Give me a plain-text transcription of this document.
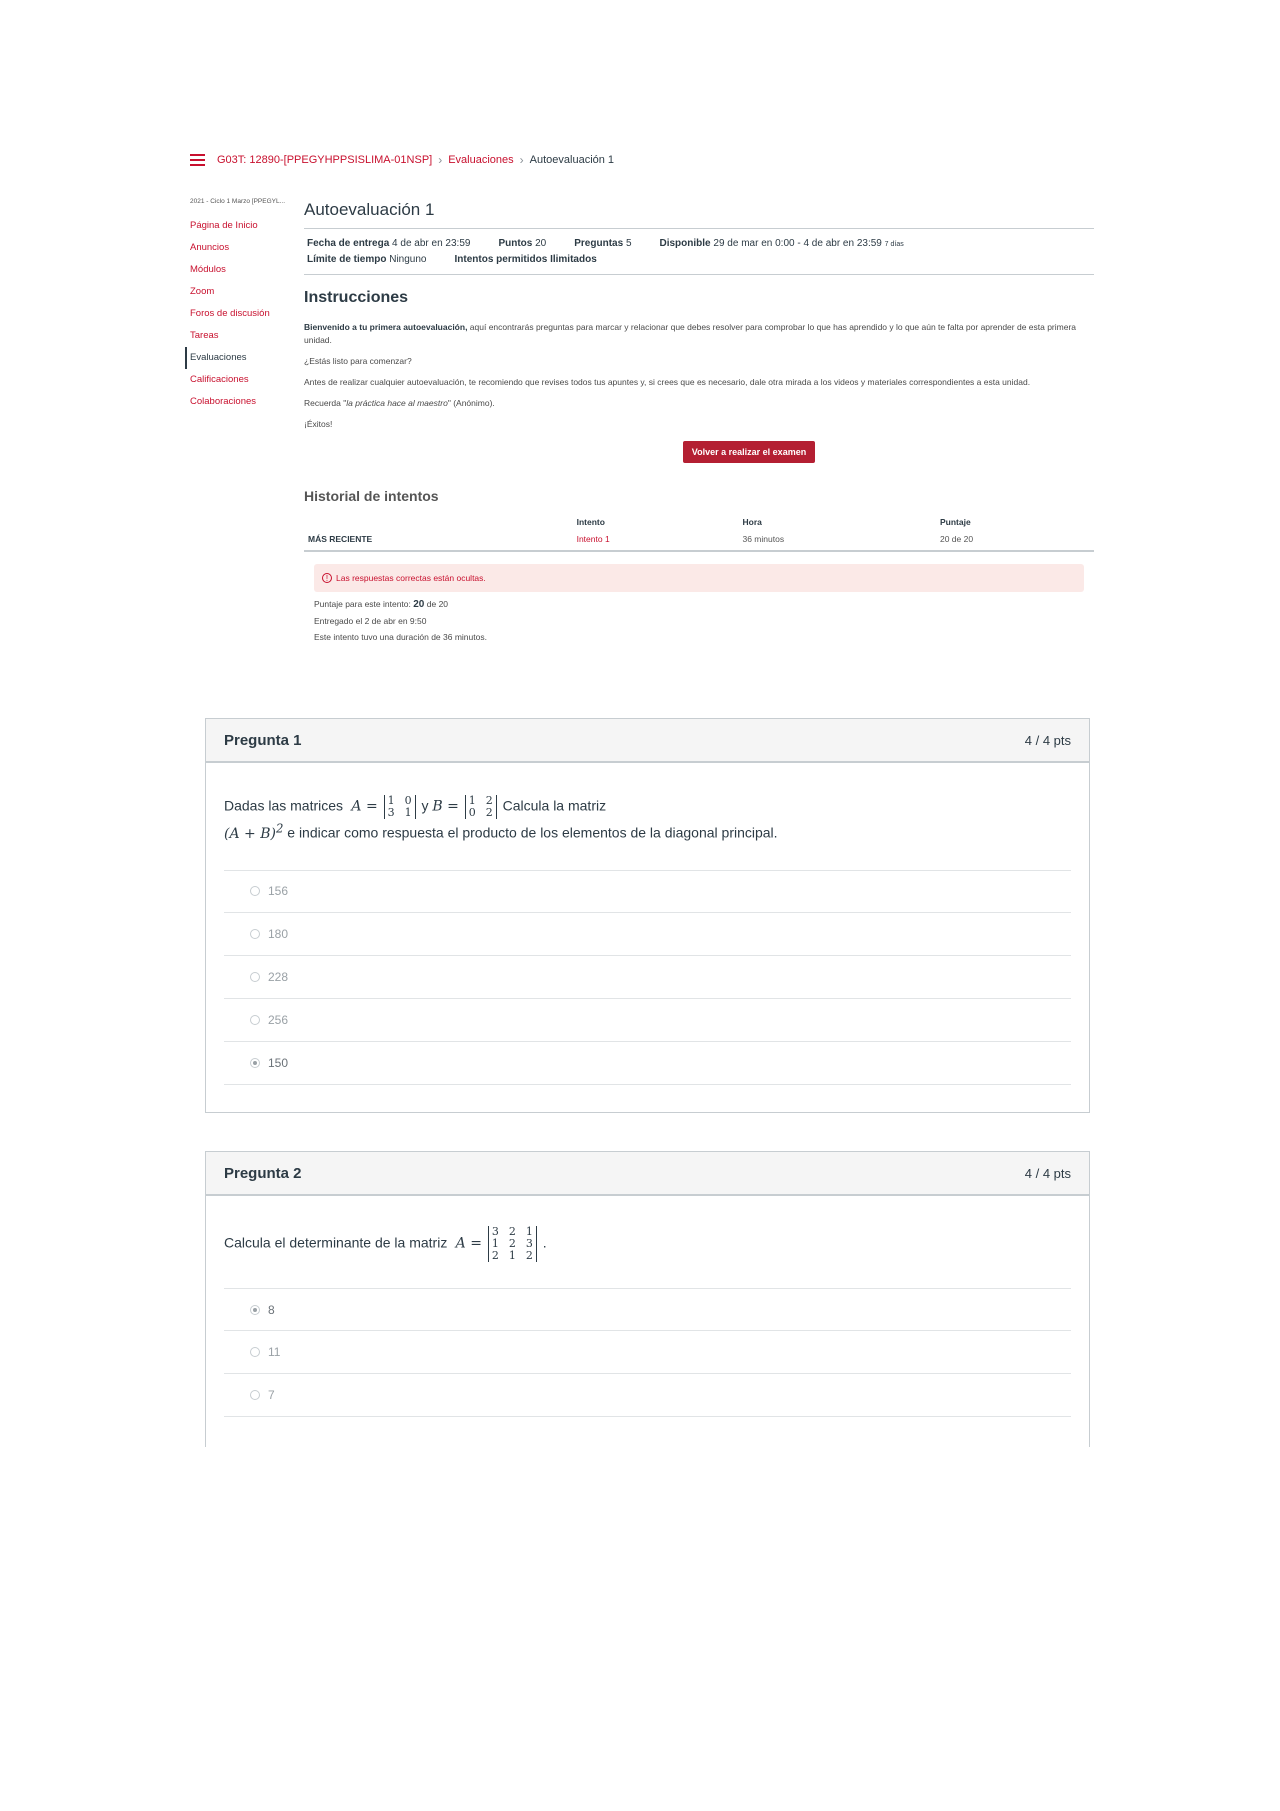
G03T: 12890-[PPEGYHPPSISLIMA-01NSP] › Evaluaciones › Autoevaluación 1
2021 - Ciclo 1 Marzo [PPEGYL...
Página de Inicio
Anuncios
Módulos
Zoom
Foros de discusión
Tareas
Evaluaciones
Calificaciones
Colaboraciones
Autoevaluación 1
Fecha de entrega 4 de abr en 23:59	Puntos 20	Preguntas 5	Disponible 29 de mar en 0:00 - 4 de abr en 23:59 7 días
Límite de tiempo Ninguno	Intentos permitidos Ilimitados
Instrucciones

Bienvenido a tu primera autoevaluación, aquí encontrarás preguntas para marcar y relacionar que debes resolver para comprobar lo que has aprendido y lo que aún te falta por aprender de esta primera unidad.

¿Estás listo para comenzar?

Antes de realizar cualquier autoevaluación, te recomiendo que revises todos tus apuntes y, si crees que es necesario, dale otra mirada a los videos y materiales correspondientes a esta unidad.

Recuerda "la práctica hace al maestro" (Anónimo).

¡Éxitos!

Volver a realizar el examen
Historial de intentos
	Intento	Hora	Puntaje
MÁS RECIENTE	Intento 1	36 minutos	20 de 20
! Las respuestas correctas están ocultas.
Puntaje para este intento: 20 de 20
Entregado el 2 de abr en 9:50
Este intento tuvo una duración de 36 minutos.
Pregunta 1	4 / 4 pts
Dadas las matrices  A = 1 0
3 1 y B = 1 2
0 2 Calcula la matriz
$(A + B)^2$ e indicar como respuesta el producto de los elementos de la diagonal principal.
156
180
228
256
150
Pregunta 2	4 / 4 pts
Calcula el determinante de la matriz  A =
3 2 1
1 2 3
2 1 2
.
8
11
7
